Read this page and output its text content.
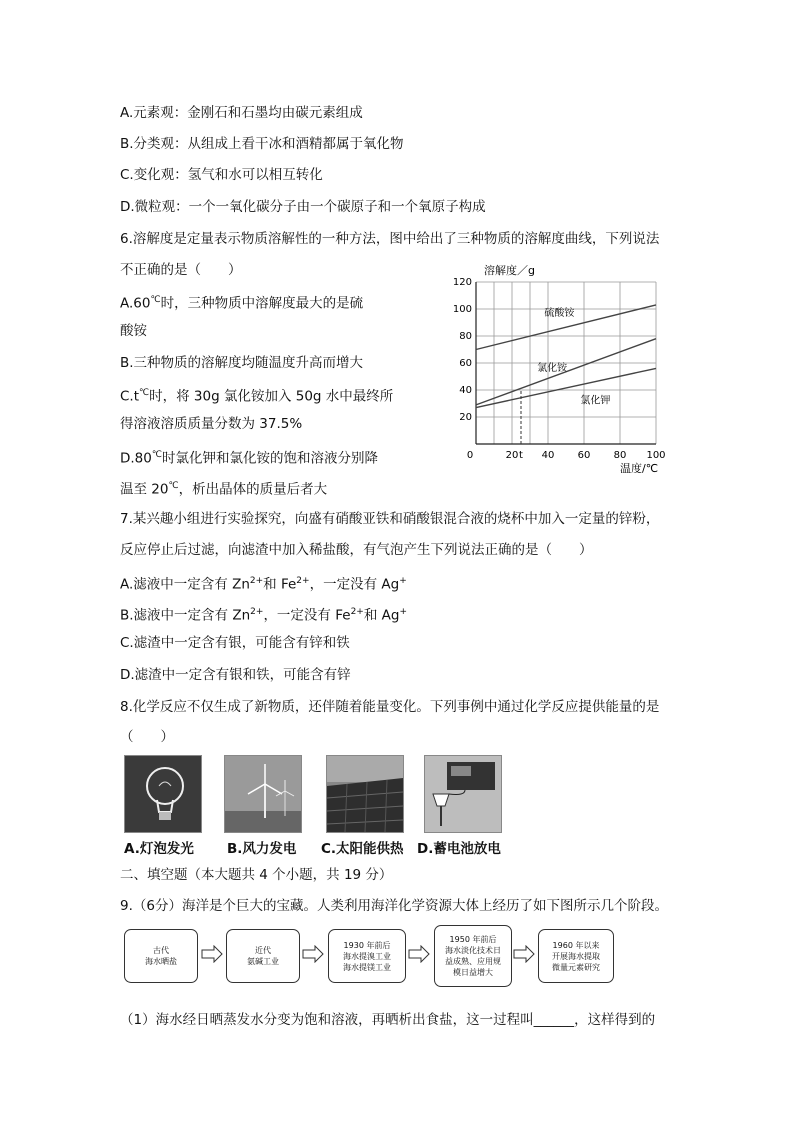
A.元素观：金刚石和石墨均由碳元素组成
B.分类观：从组成上看干冰和酒精都属于氧化物
C.变化观：氢气和水可以相互转化
D.微粒观：一个一氧化碳分子由一个碳原子和一个氧原子构成
6.溶解度是定量表示物质溶解性的一种方法，图中给出了三种物质的溶解度曲线，下列说法
不正确的是（　　）
A.60℃时，三种物质中溶解度最大的是硫
酸铵
B.三种物质的溶解度均随温度升高而增大
C.t℃时，将 30g 氯化铵加入 50g 水中最终所
得溶液溶质质量分数为 37.5%
D.80℃时氯化钾和氯化铵的饱和溶液分别降
温至 20℃，析出晶体的质量后者大
20
40
60
80
100
120
0	20 t 40 60 80 100
溶解度／g
温度/℃
硫酸铵
氯化铵
氯化钾
7.某兴趣小组进行实验探究，向盛有硝酸亚铁和硝酸银混合液的烧杯中加入一定量的锌粉，
反应停止后过滤，向滤渣中加入稀盐酸，有气泡产生下列说法正确的是（　　）
A.滤液中一定含有 $Zn^{2+}$和 $Fe^{2+}$，一定没有 Ag+
B.滤液中一定含有 $Zn^{2+}$，一定没有 $Fe^{2+}$和 Ag+
C.滤渣中一定含有银，可能含有锌和铁
D.滤渣中一定含有银和铁，可能含有锌
8.化学反应不仅生成了新物质，还伴随着能量变化。下列事例中通过化学反应提供能量的是
（　　）
A.灯泡发光 B.风力发电 C.太阳能供热 D.蓄电池放电
二、填空题（本大题共 4 个小题，共 19 分）
9.（6分）海洋是个巨大的宝藏。人类利用海洋化学资源大体上经历了如下图所示几个阶段。
古代
海水晒盐
近代
氨碱工业
1930 年前后
海水提溴工业
海水提镁工业
1950 年前后
海水淡化技术日
益成熟、应用规
模日益增大
1960 年以来
开展海水提取
微量元素研究
（1）海水经日晒蒸发水分变为饱和溶液，再晒析出食盐，这一过程叫______，这样得到的
